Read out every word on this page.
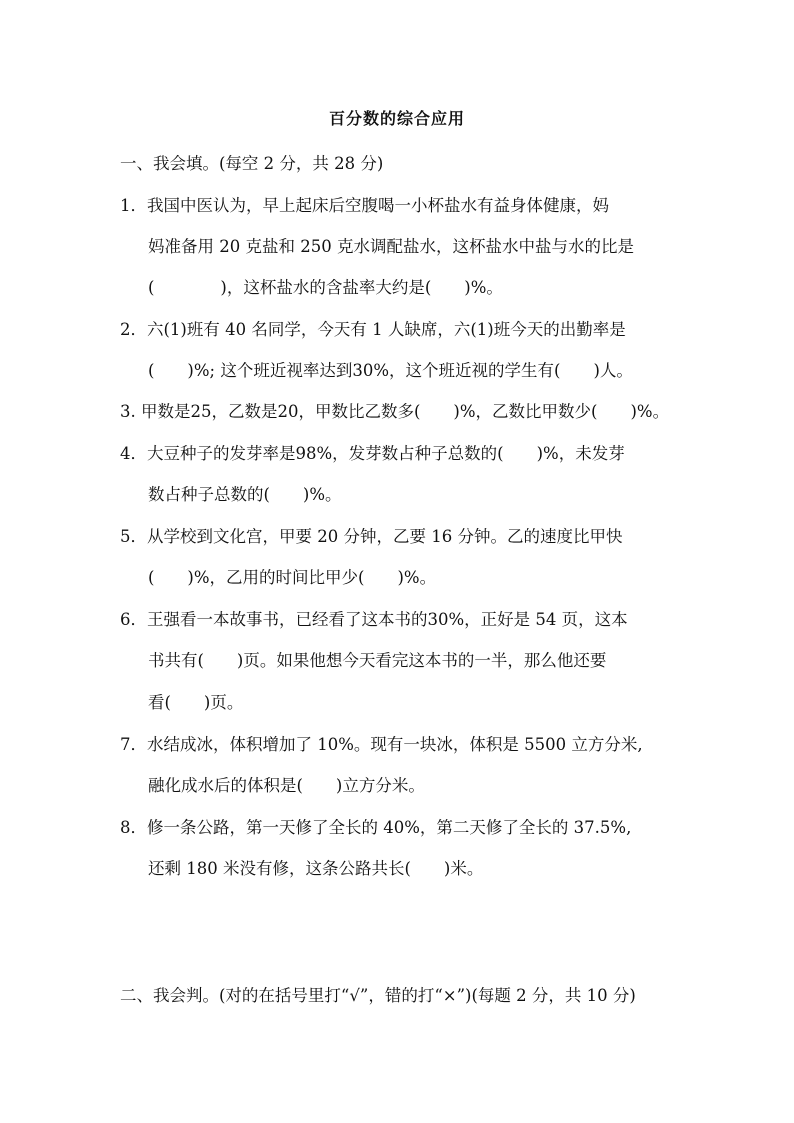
百分数的综合应用
一、我会填。(每空 2 分，共 28 分)
1．我国中医认为，早上起床后空腹喝一小杯盐水有益身体健康，妈
妈准备用 20 克盐和 250 克水调配盐水，这杯盐水中盐与水的比是
(　　　　)，这杯盐水的含盐率大约是(　　)%。
2．六(1)班有 40 名同学，今天有 1 人缺席，六(1)班今天的出勤率是
(　　)%; 这个班近视率达到30%，这个班近视的学生有(　　)人。
3. 甲数是25，乙数是20，甲数比乙数多(　　)%，乙数比甲数少(　　)%。
4．大豆种子的发芽率是98%，发芽数占种子总数的(　　)%，未发芽
数占种子总数的(　　)%。
5．从学校到文化宫，甲要 20 分钟，乙要 16 分钟。乙的速度比甲快
(　　)%，乙用的时间比甲少(　　)%。
6．王强看一本故事书，已经看了这本书的30%，正好是 54 页，这本
书共有(　　)页。如果他想今天看完这本书的一半，那么他还要
看(　　)页。
7．水结成冰，体积增加了 10%。现有一块冰，体积是 5500 立方分米,
融化成水后的体积是(　　)立方分米。
8．修一条公路，第一天修了全长的 40%，第二天修了全长的 37.5%,
还剩 180 米没有修，这条公路共长(　　)米。
二、我会判。(对的在括号里打“√”，错的打“×”)(每题 2 分，共 10 分)
